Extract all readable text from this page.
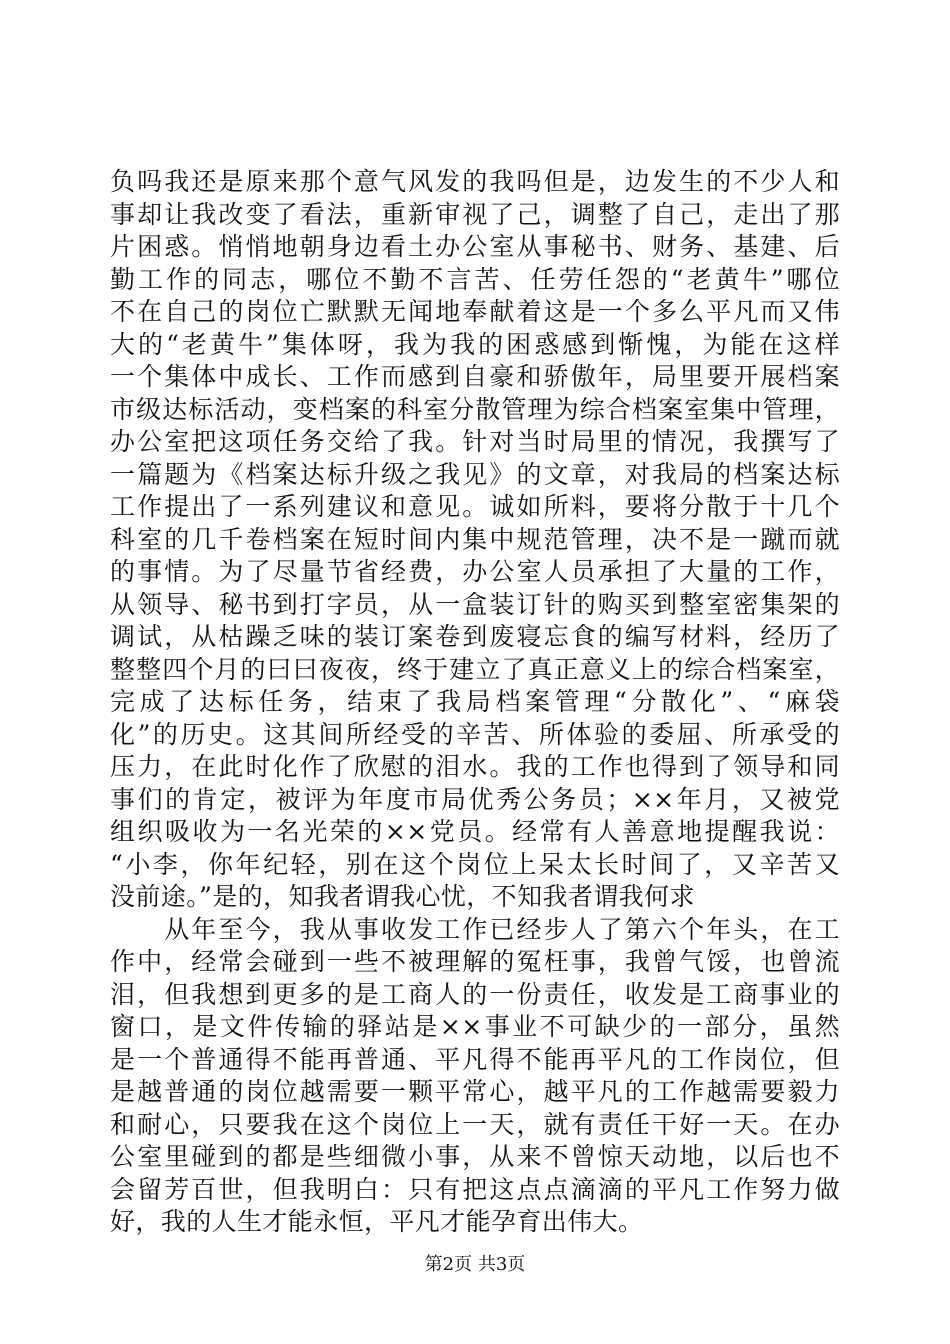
负吗我还是原来那个意气风发的我吗但是，边发生的不少人和
事却让我改变了看法，重新审视了己，调整了自己，走出了那
片困惑。悄悄地朝身边看土办公室从事秘书、财务、基建、后
勤工作的同志，哪位不勤不言苦、任劳任怨的“老黄牛”哪位
不在自己的岗位亡默默无闻地奉献着这是一个多么平凡而又伟
大的“老黄牛”集体呀，我为我的困惑感到惭愧，为能在这样
一个集体中成长、工作而感到自豪和骄傲年，局里要开展档案
市级达标活动，变档案的科室分散管理为综合档案室集中管理，
办公室把这项任务交给了我。针对当时局里的情况，我撰写了
一篇题为《档案达标升级之我见》的文章，对我局的档案达标
工作提出了一系列建议和意见。诚如所料，要将分散于十几个
科室的几千卷档案在短时间内集中规范管理，决不是一蹴而就
的事情。为了尽量节省经费，办公室人员承担了大量的工作，
从领导、秘书到打字员，从一盒装订针的购买到整室密集架的
调试，从枯躁乏味的装订案卷到废寝忘食的编写材料，经历了
整整四个月的曰曰夜夜，终于建立了真正意义上的综合档案室，
完成了达标任务，结束了我局档案管理“分散化”、“麻袋
化”的历史。这其间所经受的辛苦、所体验的委屈、所承受的
压力，在此时化作了欣慰的泪水。我的工作也得到了领导和同
事们的肯定，被评为年度市局优秀公务员；××年月，又被党
组织吸收为一名光荣的××党员。经常有人善意地提醒我说：
“小李，你年纪轻，别在这个岗位上呆太长时间了，又辛苦又
没前途。”是的，知我者谓我心忧，不知我者谓我何求
　　从年至今，我从事收发工作已经步人了第六个年头，在工
作中，经常会碰到一些不被理解的冤枉事，我曾气馁，也曾流
泪，但我想到更多的是工商人的一份责任，收发是工商事业的
窗口，是文件传输的驿站是××事业不可缺少的一部分，虽然
是一个普通得不能再普通、平凡得不能再平凡的工作岗位，但
是越普通的岗位越需要一颗平常心，越平凡的工作越需要毅力
和耐心，只要我在这个岗位上一天，就有责任干好一天。在办
公室里碰到的都是些细微小事，从来不曾惊天动地，以后也不
会留芳百世，但我明白：只有把这点点滴滴的平凡工作努力做
好，我的人生才能永恒，平凡才能孕育出伟大。
第2页 共3页
